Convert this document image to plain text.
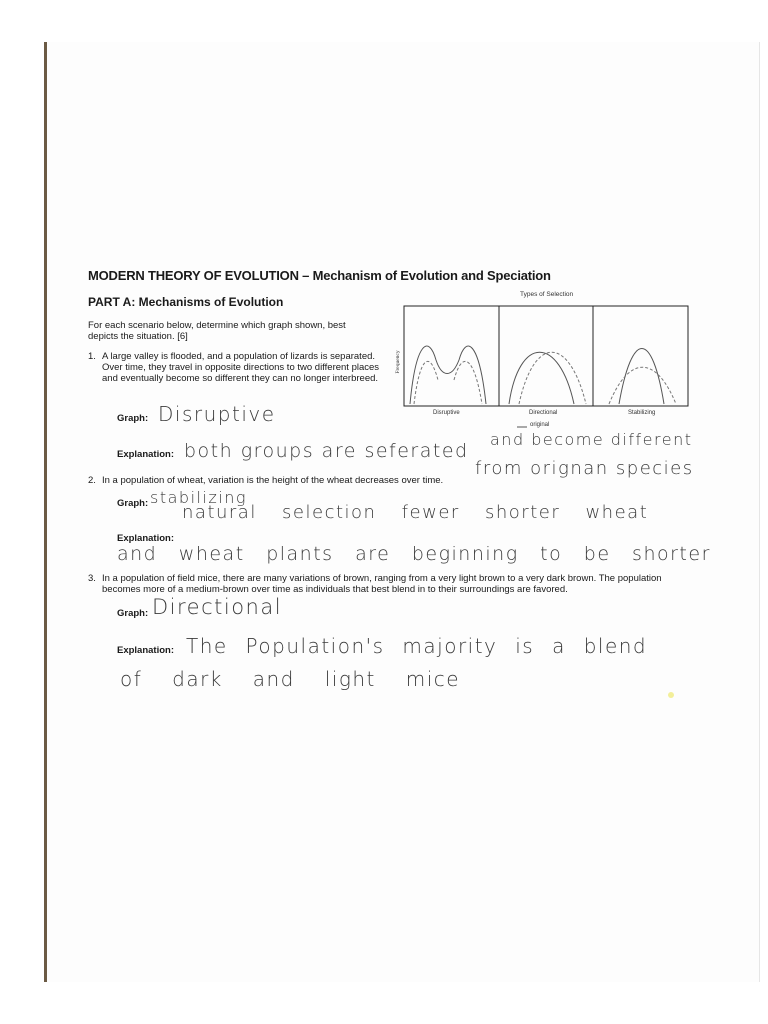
MODERN THEORY OF EVOLUTION – Mechanism of Evolution and Speciation
PART A: Mechanisms of Evolution
For each scenario below, determine which graph shown, best depicts the situation. [6]
Types of Selection
Frequency
Disruptive	Directional	Stabilizing
original
1. A large valley is flooded, and a population of lizards is separated. Over time, they travel in opposite directions to two different places and eventually become so different they can no longer interbreed.
Graph: Disruptive
Explanation: both groups are seferated
and become different
from orignan species
2. In a population of wheat, variation is the height of the wheat decreases over time.
Graph: stabilizing
Explanation:
natural selection fewer shorter wheat
and wheat plants are beginning to be shorter
3. In a population of field mice, there are many variations of brown, ranging from a very light brown to a very dark brown. The population becomes more of a medium-brown over time as individuals that best blend in to their surroundings are favored.
Graph: Directional
Explanation: The Population's majority is a blend
of dark and light mice
